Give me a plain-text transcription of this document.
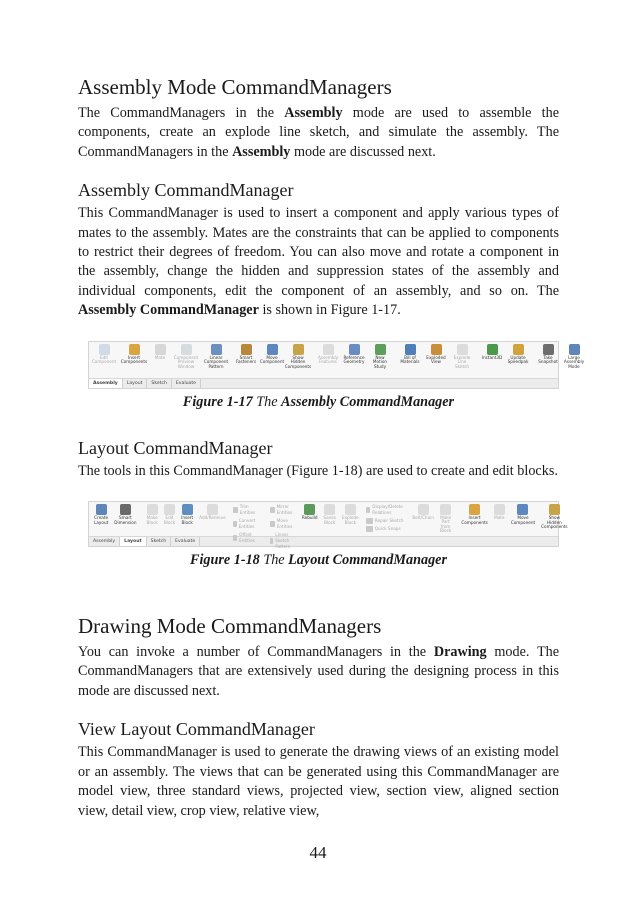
Assembly Mode CommandManagers

The CommandManagers in the Assembly mode are used to assemble the components, create an explode line sketch, and simulate the assembly. The CommandManagers in the Assembly mode are discussed next.

Assembly CommandManager

This CommandManager is used to insert a component and apply various types of mates to the assembly. Mates are the constraints that can be applied to components to restrict their degrees of freedom. You can also move and rotate a component in the assembly, change the hidden and suppression states of the assembly and individual components, edit the component of an assembly, and so on. The Assembly CommandManager is shown in Figure 1-17.

Edit Component
Insert Components
Mate Component Preview Window
Linear Component Pattern
Smart Fasteners
Move Component
Show Hidden Components
Assembly Features
Reference Geometry
New Motion Study
Bill of Materials
Exploded View
Explode Line Sketch
Instant3D	Update Speedpak
Take Snapshot
Large Assembly Mode
Assembly	Layout	Sketch	Evaluate
Figure 1-17 The Assembly CommandManager
Layout CommandManager

The tools in this CommandManager (Figure 1-18) are used to create and edit blocks.

Create Layout
Smart Dimension
Make Block
Edit Block
Insert Block
Add/Remove
Trim Entities
Convert Entities
Offset Entities
Mirror Entities
Move Entities
Linear Sketch Pattern
Rebuild Saves Block
Explode Block
Display/Delete Relations
Repair Sketch
Quick Snaps
Belt/Chain Make Part from Block
Insert Components
Mate	Move Component
Show Hidden Components
Assembly	Layout	Sketch	Evaluate
Figure 1-18 The Layout CommandManager
Drawing Mode CommandManagers

You can invoke a number of CommandManagers in the Drawing mode. The CommandManagers that are extensively used during the designing process in this mode are discussed next.

View Layout CommandManager

This CommandManager is used to generate the drawing views of an existing model or an assembly. The views that can be generated using this CommandManager are model view, three standard views, projected view, section view, aligned section view, detail view, crop view, relative view,

44
